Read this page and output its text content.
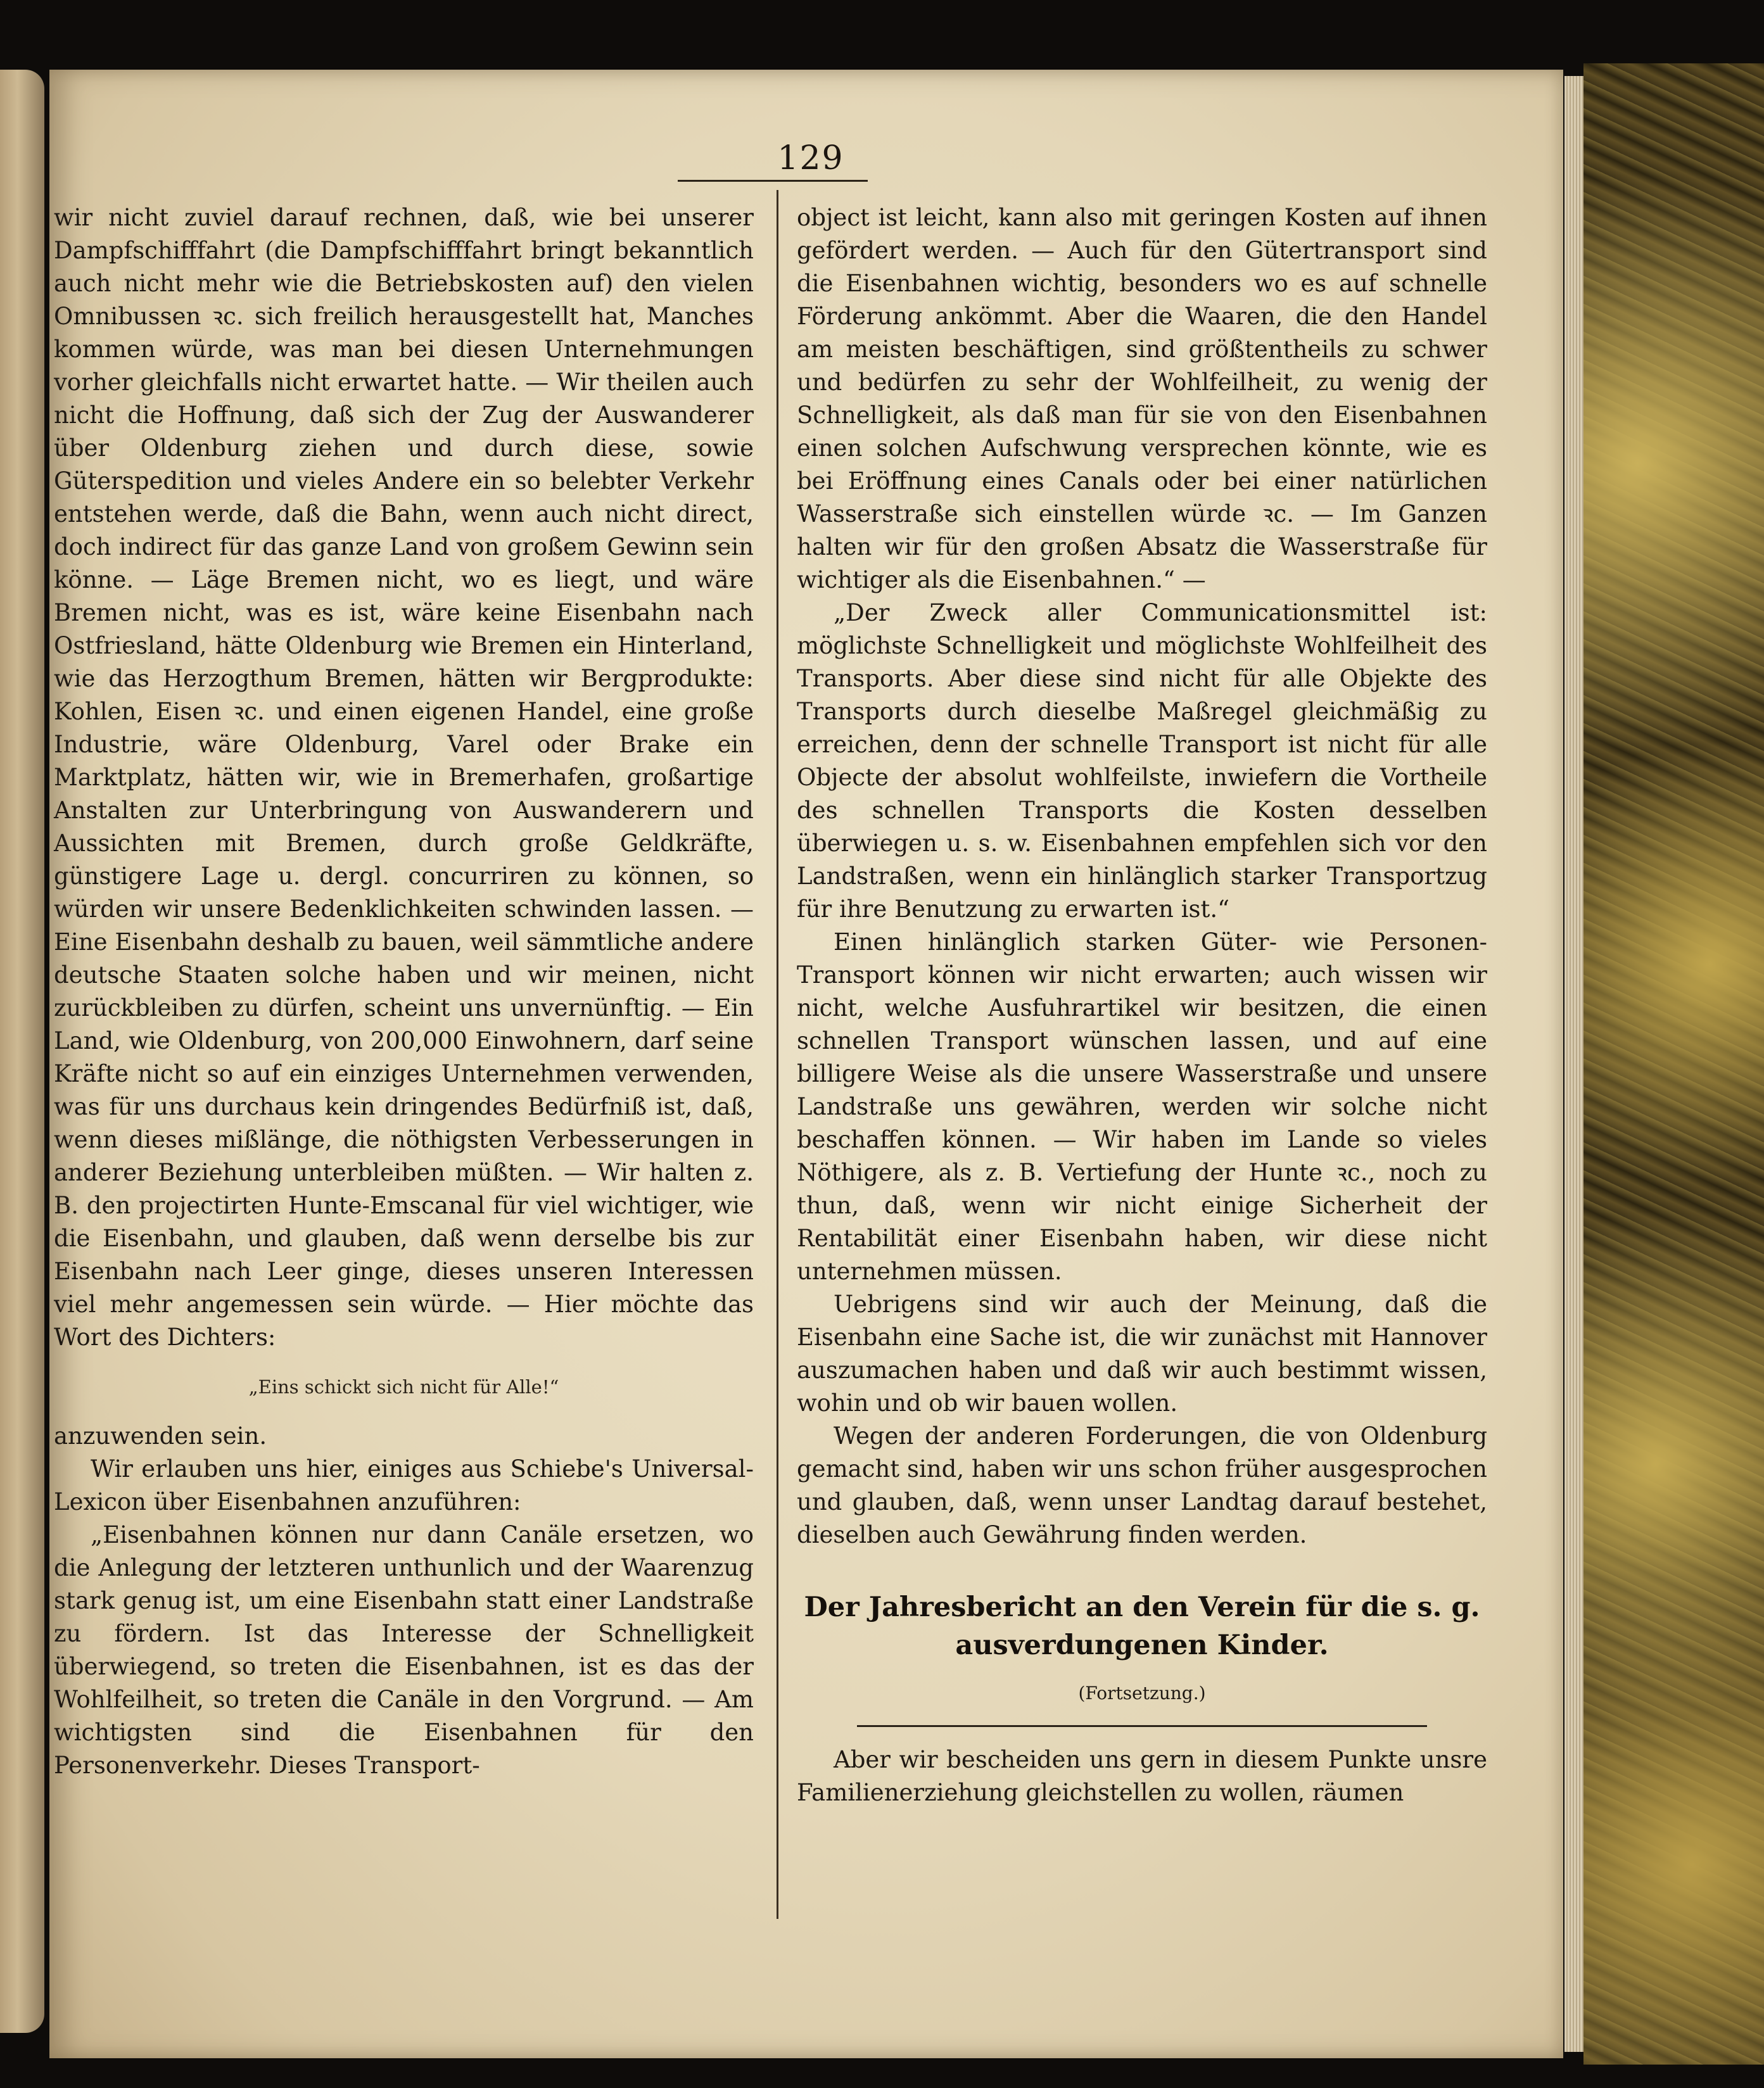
129

wir nicht zuviel darauf rechnen, daß, wie bei unserer Dampfschifffahrt (die Dampfschifffahrt bringt bekanntlich auch nicht mehr wie die Betriebskosten auf) den vielen Omnibussen ꝛc. sich freilich herausgestellt hat, Manches kommen würde, was man bei diesen Unternehmungen vorher gleichfalls nicht erwartet hatte. — Wir theilen auch nicht die Hoffnung, daß sich der Zug der Auswanderer über Oldenburg ziehen und durch diese, sowie Güterspedition und vieles Andere ein so belebter Verkehr entstehen werde, daß die Bahn, wenn auch nicht direct, doch indirect für das ganze Land von großem Gewinn sein könne. — Läge Bremen nicht, wo es liegt, und wäre Bremen nicht, was es ist, wäre keine Eisenbahn nach Ostfriesland, hätte Oldenburg wie Bremen ein Hinterland, wie das Herzogthum Bremen, hätten wir Bergprodukte: Kohlen, Eisen ꝛc. und einen eigenen Handel, eine große Industrie, wäre Oldenburg, Varel oder Brake ein Marktplatz, hätten wir, wie in Bremerhafen, großartige Anstalten zur Unterbringung von Auswanderern und Aussichten mit Bremen, durch große Geldkräfte, günstigere Lage u. dergl. concurriren zu können, so würden wir unsere Bedenklichkeiten schwinden lassen. — Eine Eisenbahn deshalb zu bauen, weil sämmtliche andere deutsche Staaten solche haben und wir meinen, nicht zurückbleiben zu dürfen, scheint uns unvernünftig. — Ein Land, wie Oldenburg, von 200,000 Einwohnern, darf seine Kräfte nicht so auf ein einziges Unternehmen verwenden, was für uns durchaus kein dringendes Bedürfniß ist, daß, wenn dieses mißlänge, die nöthigsten Verbesserungen in anderer Beziehung unterbleiben müßten. — Wir halten z. B. den projectirten Hunte-Emscanal für viel wichtiger, wie die Eisenbahn, und glauben, daß wenn derselbe bis zur Eisenbahn nach Leer ginge, dieses unseren Interessen viel mehr angemessen sein würde. — Hier möchte das Wort des Dichters:

„Eins schickt sich nicht für Alle!“

anzuwenden sein.

Wir erlauben uns hier, einiges aus Schiebe's Universal-Lexicon über Eisenbahnen anzuführen:

„Eisenbahnen können nur dann Canäle ersetzen, wo die Anlegung der letzteren unthunlich und der Waarenzug stark genug ist, um eine Eisenbahn statt einer Landstraße zu fördern. Ist das Interesse der Schnelligkeit überwiegend, so treten die Eisenbahnen, ist es das der Wohlfeilheit, so treten die Canäle in den Vorgrund. — Am wichtigsten sind die Eisenbahnen für den Personenverkehr. Dieses Transport-

object ist leicht, kann also mit geringen Kosten auf ihnen gefördert werden. — Auch für den Gütertransport sind die Eisenbahnen wichtig, besonders wo es auf schnelle Förderung ankömmt. Aber die Waaren, die den Handel am meisten beschäftigen, sind größtentheils zu schwer und bedürfen zu sehr der Wohlfeilheit, zu wenig der Schnelligkeit, als daß man für sie von den Eisenbahnen einen solchen Aufschwung versprechen könnte, wie es bei Eröffnung eines Canals oder bei einer natürlichen Wasserstraße sich einstellen würde ꝛc. — Im Ganzen halten wir für den großen Absatz die Wasserstraße für wichtiger als die Eisenbahnen.“ —

„Der Zweck aller Communicationsmittel ist: möglichste Schnelligkeit und möglichste Wohlfeilheit des Transports. Aber diese sind nicht für alle Objekte des Transports durch dieselbe Maßregel gleichmäßig zu erreichen, denn der schnelle Transport ist nicht für alle Objecte der absolut wohlfeilste, inwiefern die Vortheile des schnellen Transports die Kosten desselben überwiegen u. s. w. Eisenbahnen empfehlen sich vor den Landstraßen, wenn ein hinlänglich starker Transportzug für ihre Benutzung zu erwarten ist.“

Einen hinlänglich starken Güter- wie Personen-Transport können wir nicht erwarten; auch wissen wir nicht, welche Ausfuhrartikel wir besitzen, die einen schnellen Transport wünschen lassen, und auf eine billigere Weise als die unsere Wasserstraße und unsere Landstraße uns gewähren, werden wir solche nicht beschaffen können. — Wir haben im Lande so vieles Nöthigere, als z. B. Vertiefung der Hunte ꝛc., noch zu thun, daß, wenn wir nicht einige Sicherheit der Rentabilität einer Eisenbahn haben, wir diese nicht unternehmen müssen.

Uebrigens sind wir auch der Meinung, daß die Eisenbahn eine Sache ist, die wir zunächst mit Hannover auszumachen haben und daß wir auch bestimmt wissen, wohin und ob wir bauen wollen.

Wegen der anderen Forderungen, die von Oldenburg gemacht sind, haben wir uns schon früher ausgesprochen und glauben, daß, wenn unser Landtag darauf bestehet, dieselben auch Gewährung finden werden.

Der Jahresbericht an den Verein für die s. g. ausverdungenen Kinder.
(Fortsetzung.)

Aber wir bescheiden uns gern in diesem Punkte unsre Familienerziehung gleichstellen zu wollen, räumen
